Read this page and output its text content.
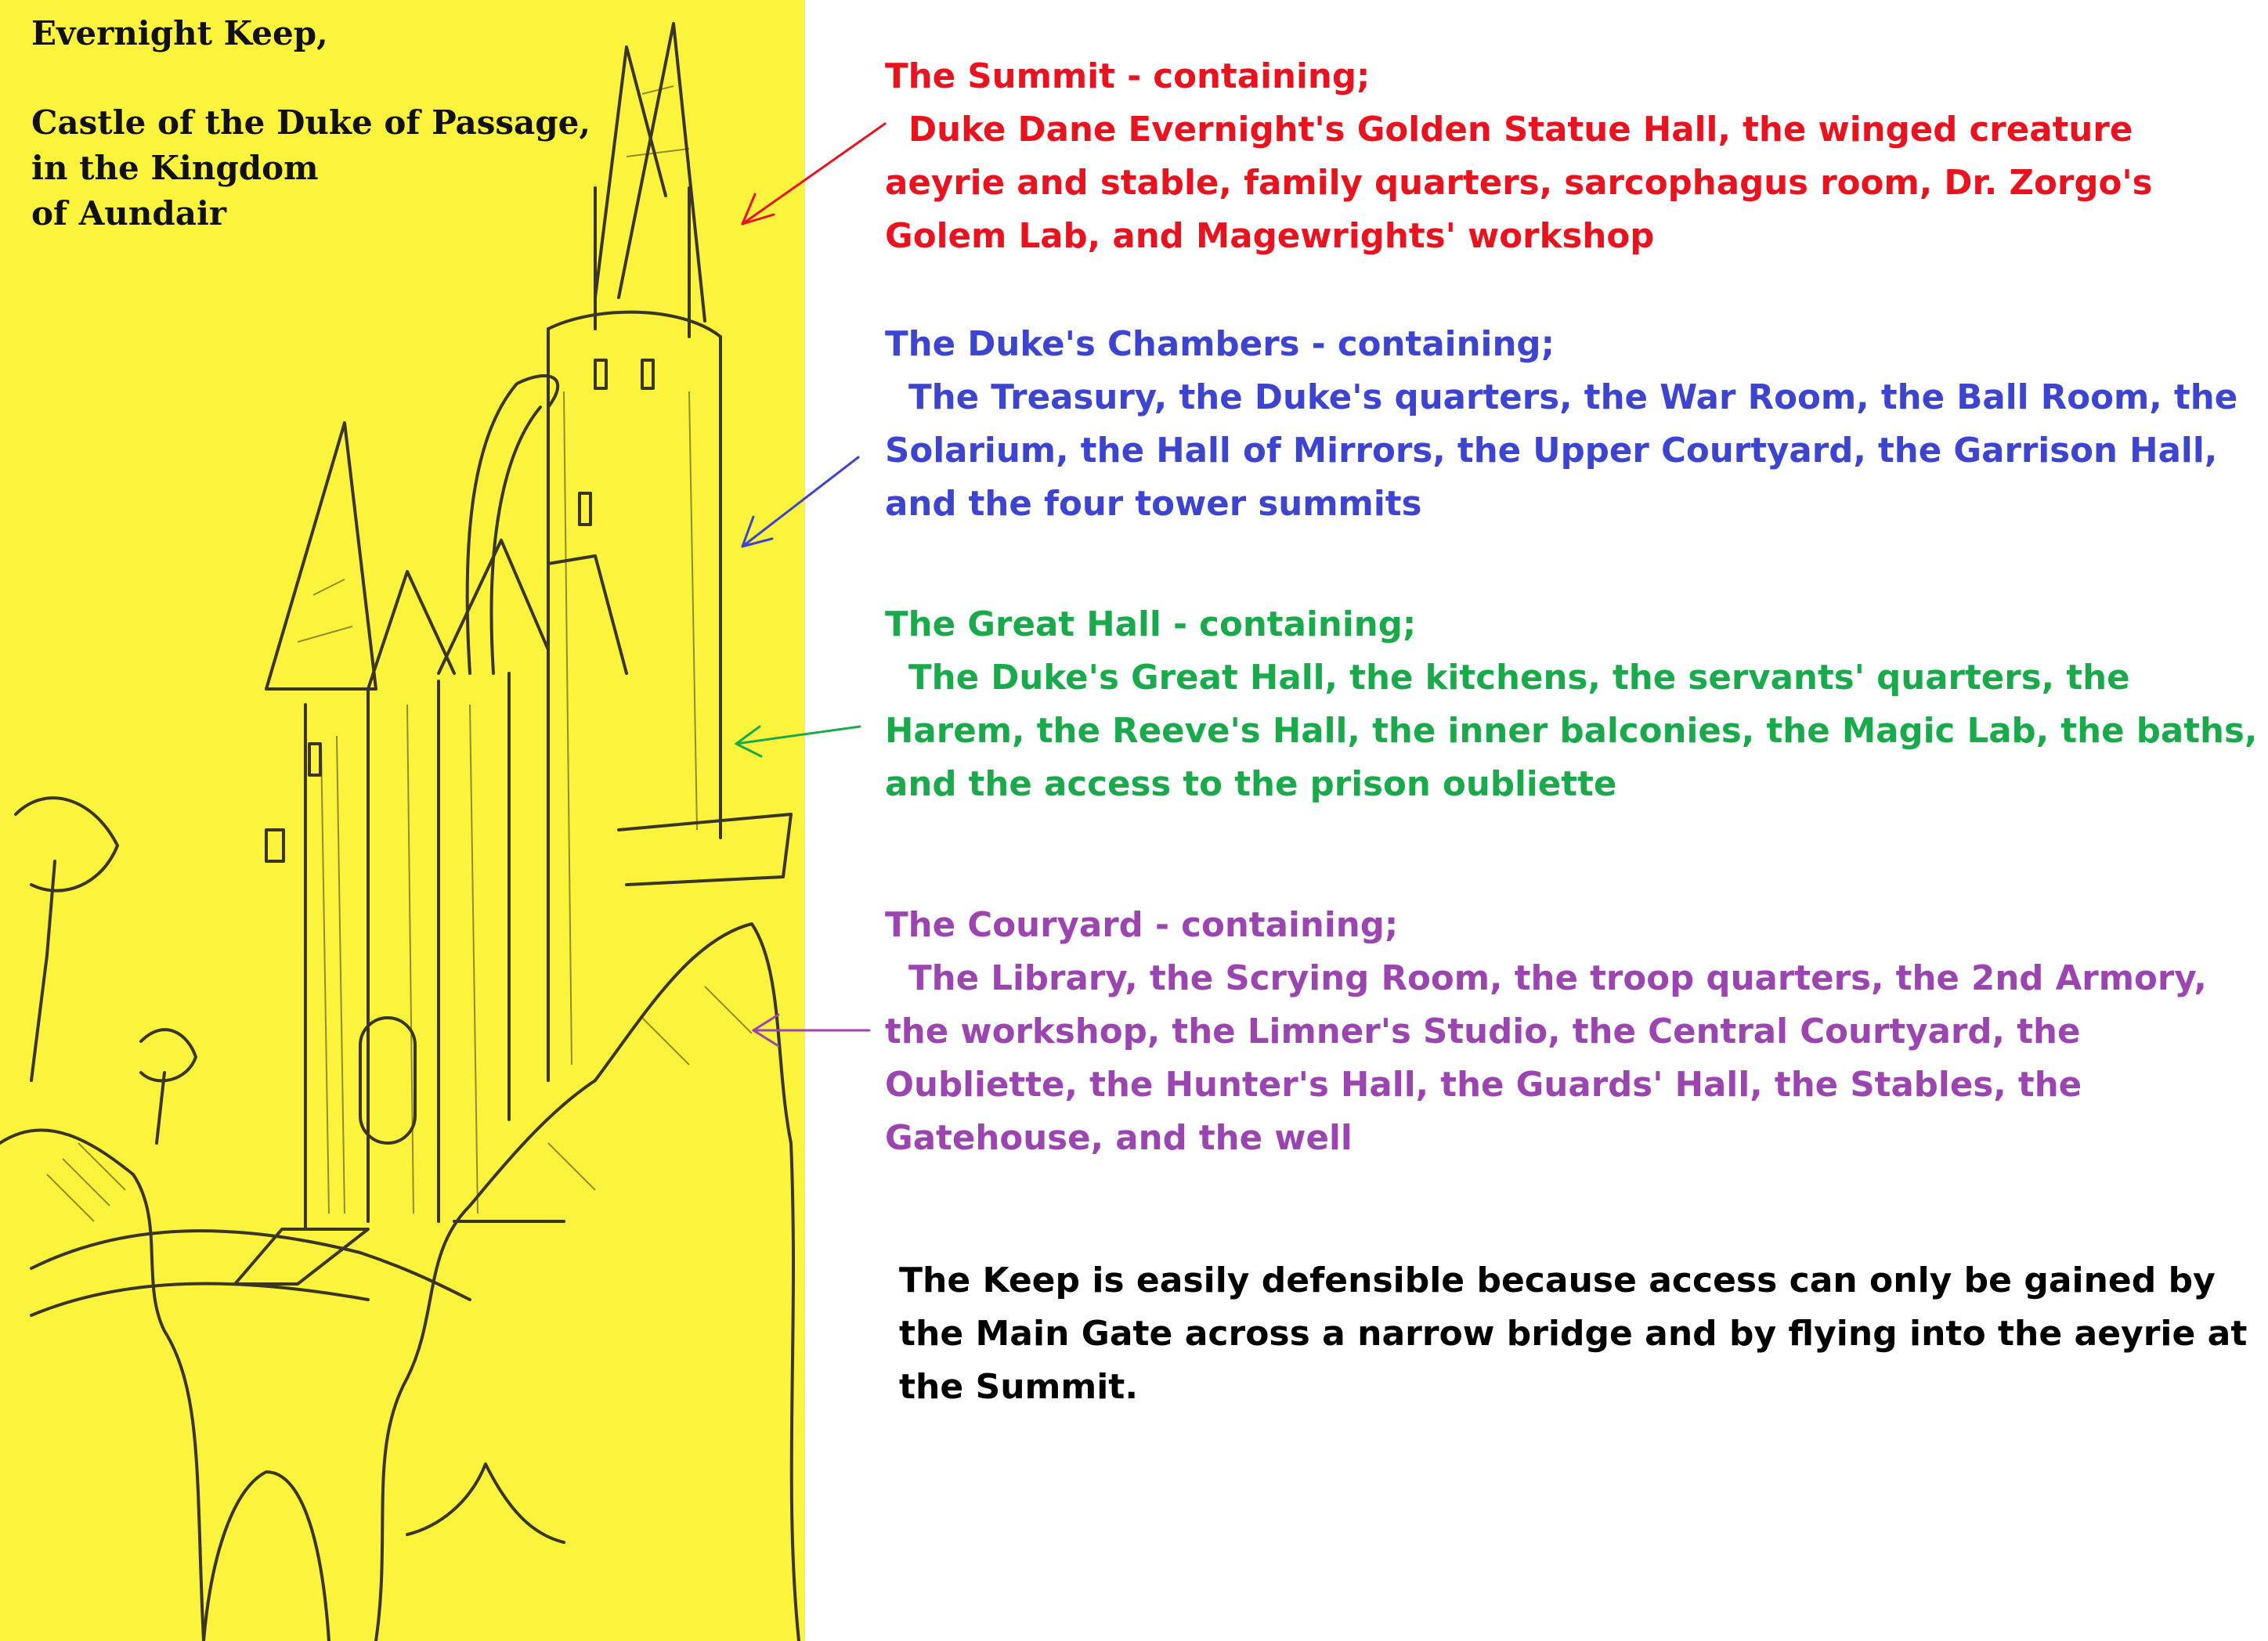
Evernight Keep,

Castle of the Duke of Passage,

in the Kingdom

of Aundair

The Summit - containing;
Duke Dane Evernight's Golden Statue Hall, the winged creature aeyrie and stable, family quarters, sarcophagus room, Dr. Zorgo's Golem Lab, and Magewrights' workshop
The Duke's Chambers - containing;
The Treasury, the Duke's quarters, the War Room, the Ball Room, the Solarium, the Hall of Mirrors, the Upper Courtyard, the Garrison Hall, and the four tower summits
The Great Hall - containing;
The Duke's Great Hall, the kitchens, the servants' quarters, the Harem, the Reeve's Hall, the inner balconies, the Magic Lab, the baths, and the access to the prison oubliette
The Couryard - containing;
The Library, the Scrying Room, the troop quarters, the 2nd Armory, the workshop, the Limner's Studio, the Central Courtyard, the Oubliette, the Hunter's Hall, the Guards' Hall, the Stables, the Gatehouse, and the well

The Keep is easily defensible because access can only be gained by the Main Gate across a narrow bridge and by flying into the aeyrie at the Summit.
